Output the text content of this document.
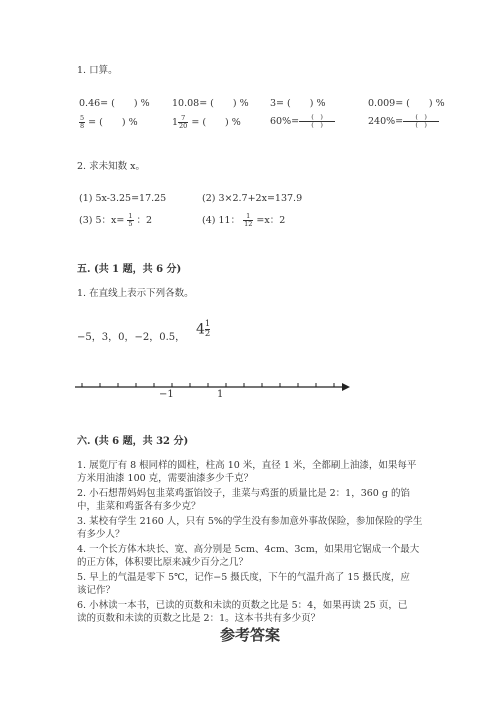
1. 口算。
0.46= (　　) % 10.08= (　　) % 3= (　　) %	0.009= (　　) %
$\frac{5}{8}$ = (　　) %	$1 \frac{7}{20}$ = (　　) %	$60\%= \frac{( )}{( )}$	$240\%= \frac{( )}{( )}$
2. 求未知数 x。
(1) 5x-3.25=17.25	(2) 3×2.7+2x=137.9
(3) 5：$x= \frac{1}{5}$ ：2	(4) 11： $\frac{1}{12} =x$：2
五. (共 1 题，共 6 分)
1. 在直线上表示下列各数。
−5，3，0，−2，0.5， $4 \frac{1}{2}$
−1	1
六. (共 6 题，共 32 分)
1. 展览厅有 8 根同样的圆柱，柱高 10 米，直径 1 米，全都刷上油漆，如果每平
方米用油漆 100 克，需要油漆多少千克？
2. 小石想帮妈妈包韭菜鸡蛋馅饺子，韭菜与鸡蛋的质量比是 2：1，360 g 的馅
中，韭菜和鸡蛋各有多少克？
3. 某校有学生 2160 人，只有 5%的学生没有参加意外事故保险，参加保险的学生
有多少人？
4. 一个长方体木块长、宽、高分别是 5cm、4cm、3cm，如果用它锯成一个最大
的正方体，体积要比原来减少百分之几？
5. 早上的气温是零下 5℃，记作−5 摄氏度，下午的气温升高了 15 摄氏度，应
该记作？
6. 小林读一本书，已读的页数和未读的页数之比是 5：4，如果再读 25 页，已
读的页数和未读的页数之比是 2：1。这本书共有多少页？
参考答案
